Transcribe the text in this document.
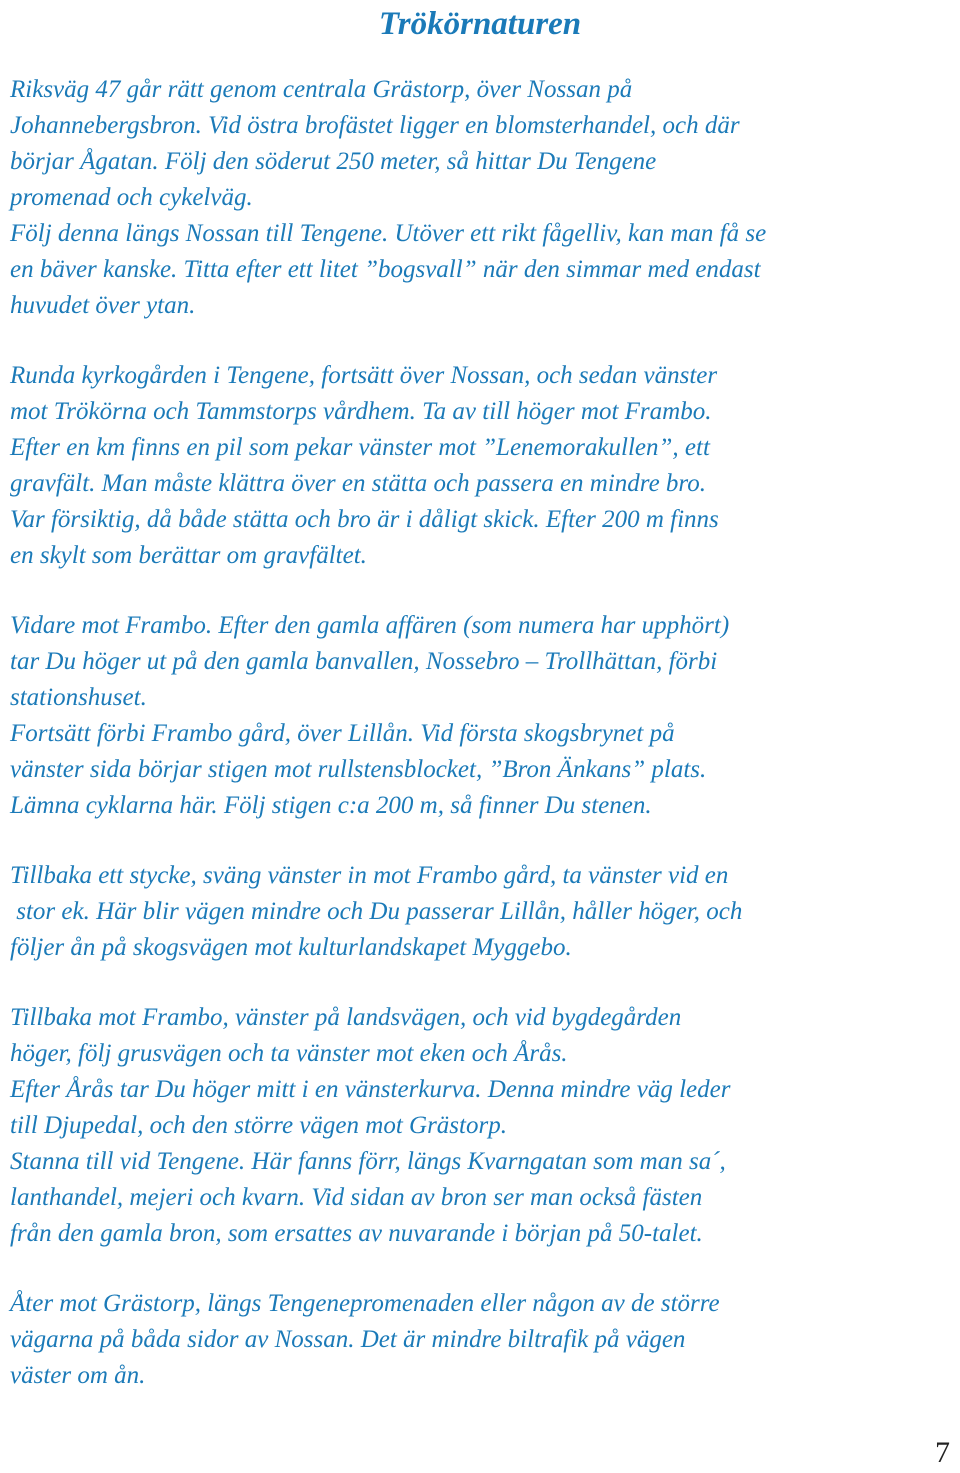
Trökörnaturen
Riksväg 47 går rätt genom centrala Grästorp, över Nossan på
Johannebergsbron. Vid östra brofästet ligger en blomsterhandel, och där
börjar Ågatan. Följ den söderut 250 meter, så hittar Du Tengene
promenad och cykelväg.
Följ denna längs Nossan till Tengene. Utöver ett rikt fågelliv, kan man få se
en bäver kanske. Titta efter ett litet ”bogsvall” när den simmar med endast
huvudet över ytan.
Runda kyrkogården i Tengene, fortsätt över Nossan, och sedan vänster
mot Trökörna och Tammstorps vårdhem. Ta av till höger mot Frambo.
Efter en km finns en pil som pekar vänster mot ”Lenemorakullen”, ett
gravfält. Man måste klättra över en stätta och passera en mindre bro.
Var försiktig, då både stätta och bro är i dåligt skick. Efter 200 m finns
en skylt som berättar om gravfältet.
Vidare mot Frambo. Efter den gamla affären (som numera har upphört)
tar Du höger ut på den gamla banvallen, Nossebro – Trollhättan, förbi
stationshuset.
Fortsätt förbi Frambo gård, över Lillån. Vid första skogsbrynet på
vänster sida börjar stigen mot rullstensblocket, ”Bron Änkans” plats.
Lämna cyklarna här. Följ stigen c:a 200 m, så finner Du stenen.
Tillbaka ett stycke, sväng vänster in mot Frambo gård, ta vänster vid en
stor ek. Här blir vägen mindre och Du passerar Lillån, håller höger, och
följer ån på skogsvägen mot kulturlandskapet Myggebo.
Tillbaka mot Frambo, vänster på landsvägen, och vid bygdegården
höger, följ grusvägen och ta vänster mot eken och Årås.
Efter Årås tar Du höger mitt i en vänsterkurva. Denna mindre väg leder
till Djupedal, och den större vägen mot Grästorp.
Stanna till vid Tengene. Här fanns förr, längs Kvarngatan som man sa´,
lanthandel, mejeri och kvarn. Vid sidan av bron ser man också fästen
från den gamla bron, som ersattes av nuvarande i början på 50-talet.
Åter mot Grästorp, längs Tengenepromenaden eller någon av de större
vägarna på båda sidor av Nossan. Det är mindre biltrafik på vägen
väster om ån.
7
